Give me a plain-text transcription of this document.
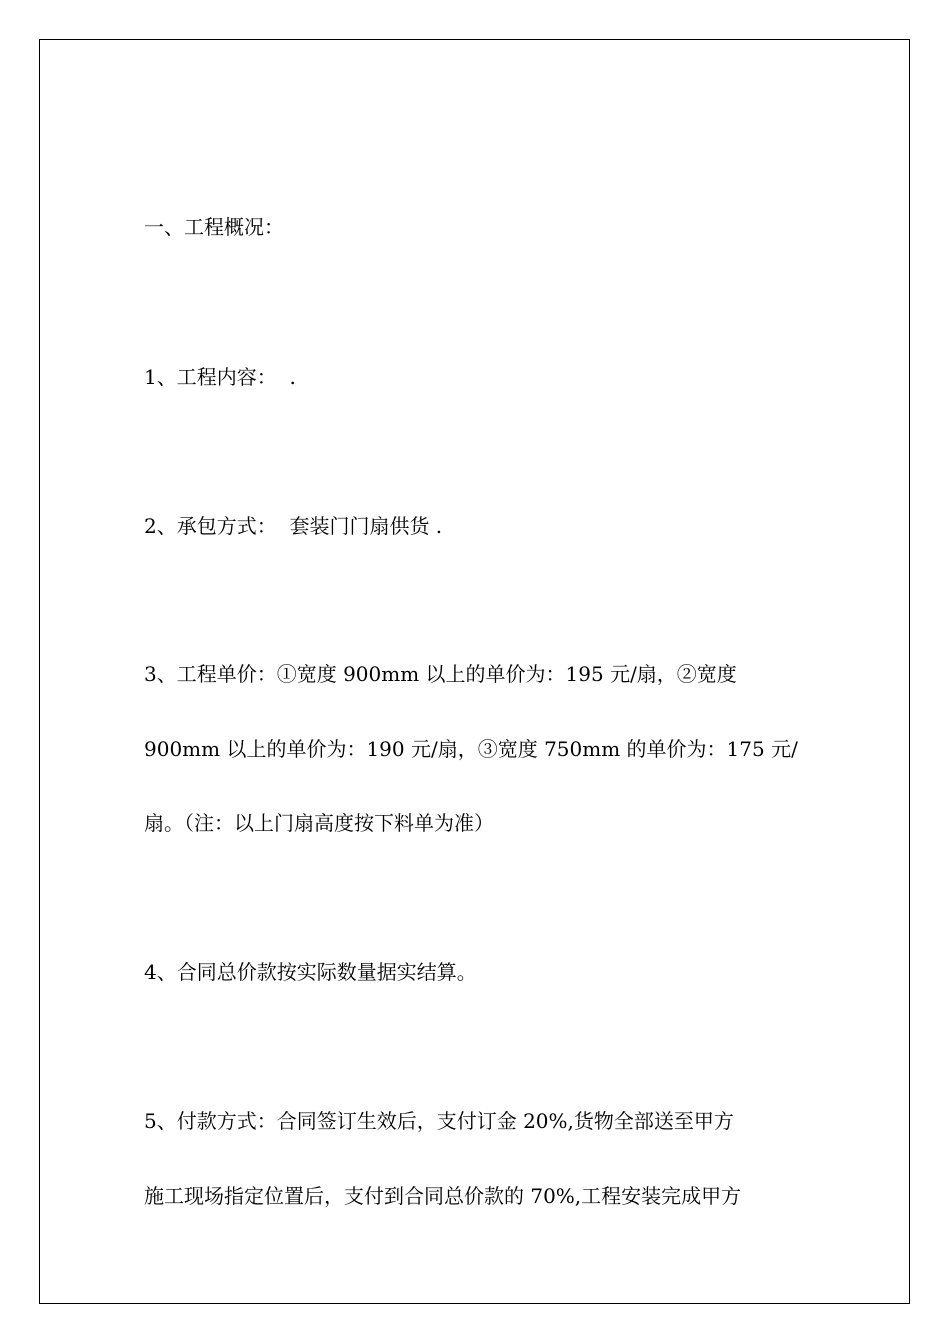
一、工程概况：
1、工程内容：  .
2、承包方式：  套装门门扇供货 .
3、工程单价：①宽度 900mm 以上的单价为：195 元/扇，②宽度
900mm 以上的单价为：190 元/扇，③宽度 750mm 的单价为：175 元/
扇。（注：以上门扇高度按下料单为准）
4、合同总价款按实际数量据实结算。
5、付款方式：合同签订生效后，支付订金 20%,货物全部送至甲方
施工现场指定位置后，支付到合同总价款的 70%,工程安装完成甲方
